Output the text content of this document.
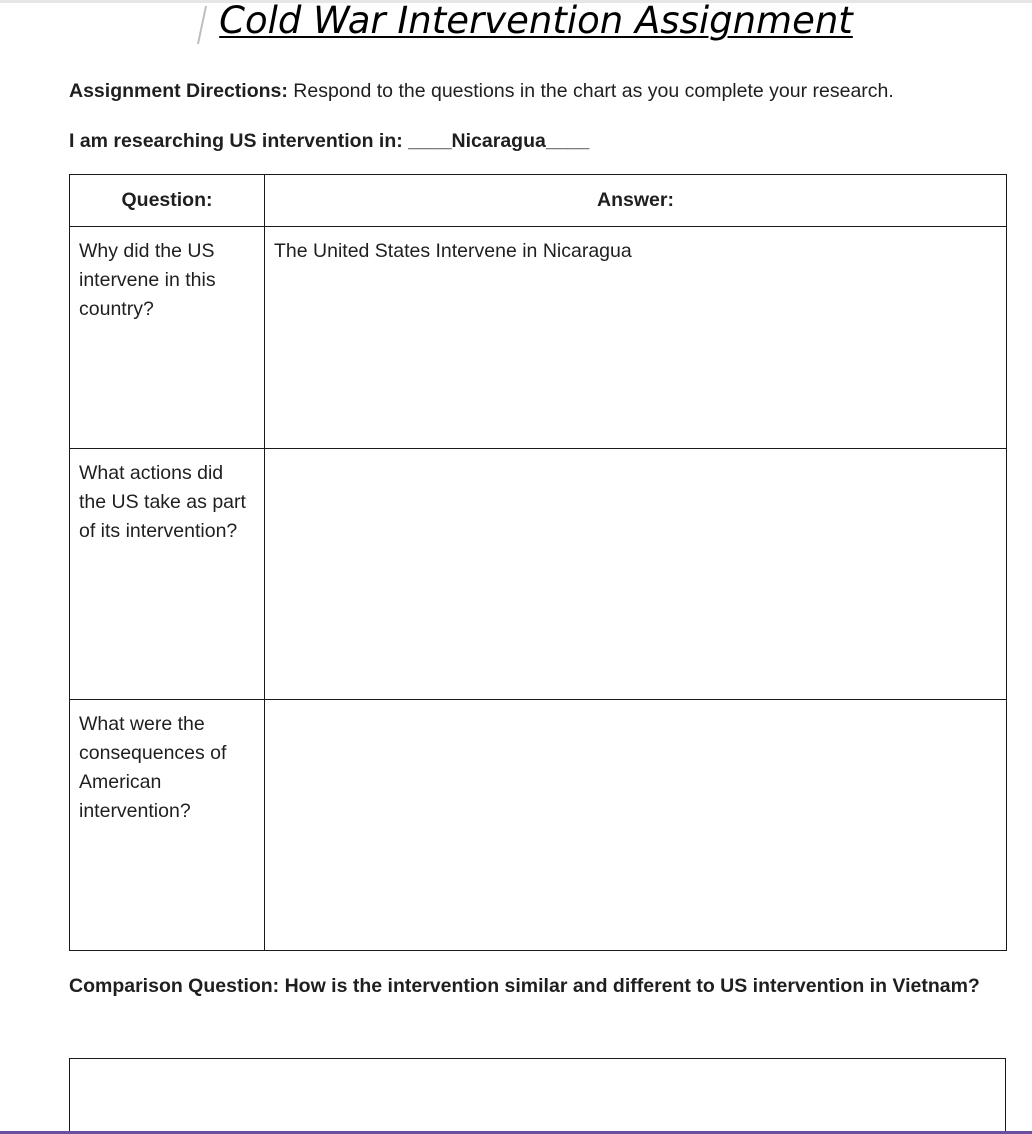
Cold War Intervention Assignment
Assignment Directions: Respond to the questions in the chart as you complete your research.
I am researching US intervention in: ____Nicaragua____
Question:	Answer:
Why did the US intervene in this country?	The United States Intervene in Nicaragua
What actions did the US take as part of its intervention?	
What were the consequences of American intervention?	
Comparison Question: How is the intervention similar and different to US intervention in Vietnam?
